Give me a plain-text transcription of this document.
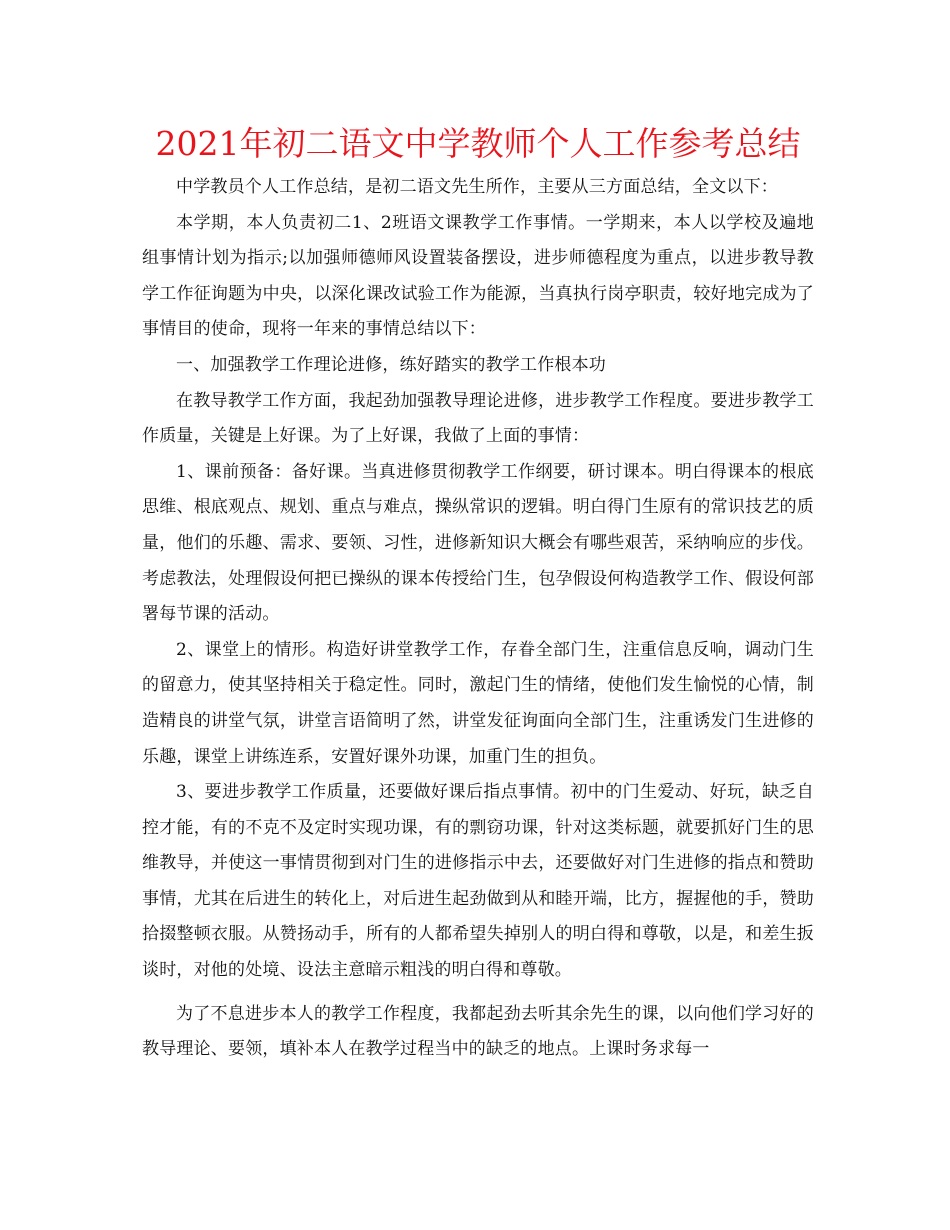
2021年初二语文中学教师个人工作参考总结

中学教员个人工作总结，是初二语文先生所作，主要从三方面总结，全文以下：

本学期，本人负责初二1、2班语文课教学工作事情。一学期来，本人以学校及遍地组事情计划为指示;以加强师德师风设置装备摆设，进步师德程度为重点，以进步教导教学工作征询题为中央，以深化课改试验工作为能源，当真执行岗亭职责，较好地完成为了事情目的使命，现将一年来的事情总结以下：

一、加强教学工作理论进修，练好踏实的教学工作根本功

在教导教学工作方面，我起劲加强教导理论进修，进步教学工作程度。要进步教学工作质量，关键是上好课。为了上好课，我做了上面的事情：

1、课前预备：备好课。当真进修贯彻教学工作纲要，研讨课本。明白得课本的根底思维、根底观点、规划、重点与难点，操纵常识的逻辑。明白得门生原有的常识技艺的质量，他们的乐趣、需求、要领、习性，进修新知识大概会有哪些艰苦，采纳响应的步伐。考虑教法，处理假设何把已操纵的课本传授给门生，包孕假设何构造教学工作、假设何部署每节课的活动。

2、课堂上的情形。构造好讲堂教学工作，存眷全部门生，注重信息反响，调动门生的留意力，使其坚持相关于稳定性。同时，激起门生的情绪，使他们发生愉悦的心情，制造精良的讲堂气氛，讲堂言语简明了然，讲堂发征询面向全部门生，注重诱发门生进修的乐趣，课堂上讲练连系，安置好课外功课，加重门生的担负。

3、要进步教学工作质量，还要做好课后指点事情。初中的门生爱动、好玩，缺乏自控才能，有的不克不及定时实现功课，有的剽窃功课，针对这类标题，就要抓好门生的思维教导，并使这一事情贯彻到对门生的进修指示中去，还要做好对门生进修的指点和赞助事情，尤其在后进生的转化上，对后进生起劲做到从和睦开端，比方，握握他的手，赞助拾掇整顿衣服。从赞扬动手，所有的人都希望失掉别人的明白得和尊敬，以是，和差生扳谈时，对他的处境、设法主意暗示粗浅的明白得和尊敬。

为了不息进步本人的教学工作程度，我都起劲去听其余先生的课，以向他们学习好的教导理论、要领，填补本人在教学过程当中的缺乏的地点。上课时务求每一
